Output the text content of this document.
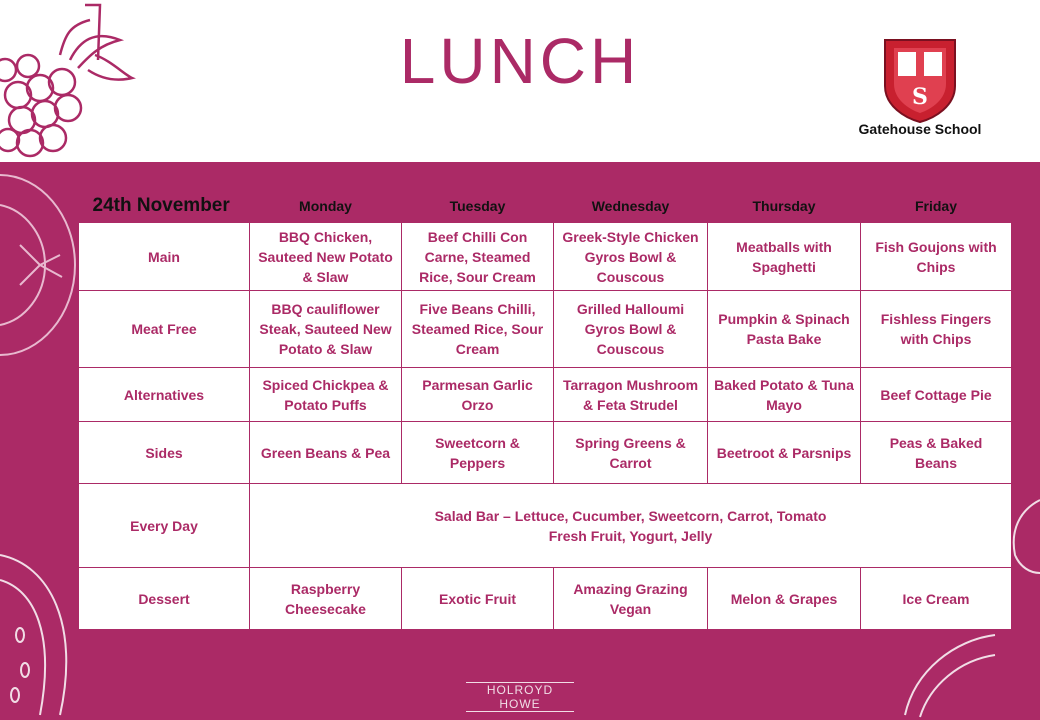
LUNCH	S
Gatehouse School
24th November	Monday	Tuesday	Wednesday	Thursday	Friday
Main	BBQ Chicken, Sauteed New Potato & Slaw	Beef Chilli Con Carne, Steamed Rice, Sour Cream	Greek-Style Chicken Gyros Bowl & Couscous	Meatballs with Spaghetti	Fish Goujons with Chips
Meat Free	BBQ cauliflower Steak, Sauteed New Potato & Slaw	Five Beans Chilli, Steamed Rice, Sour Cream	Grilled Halloumi Gyros Bowl & Couscous	Pumpkin & Spinach Pasta Bake	Fishless Fingers with Chips
Alternatives	Spiced Chickpea & Potato Puffs	Parmesan Garlic Orzo	Tarragon Mushroom & Feta Strudel	Baked Potato & Tuna Mayo	Beef Cottage Pie
Sides	Green Beans & Pea	Sweetcorn & Peppers	Spring Greens & Carrot	Beetroot & Parsnips	Peas & Baked Beans
Every Day	Salad Bar – Lettuce, Cucumber, Sweetcorn, Carrot, Tomato
Fresh Fruit, Yogurt, Jelly				

Dessert	Raspberry Cheesecake	Exotic Fruit	Amazing Grazing Vegan	Melon & Grapes	Ice Cream
HOLROYD HOWE
